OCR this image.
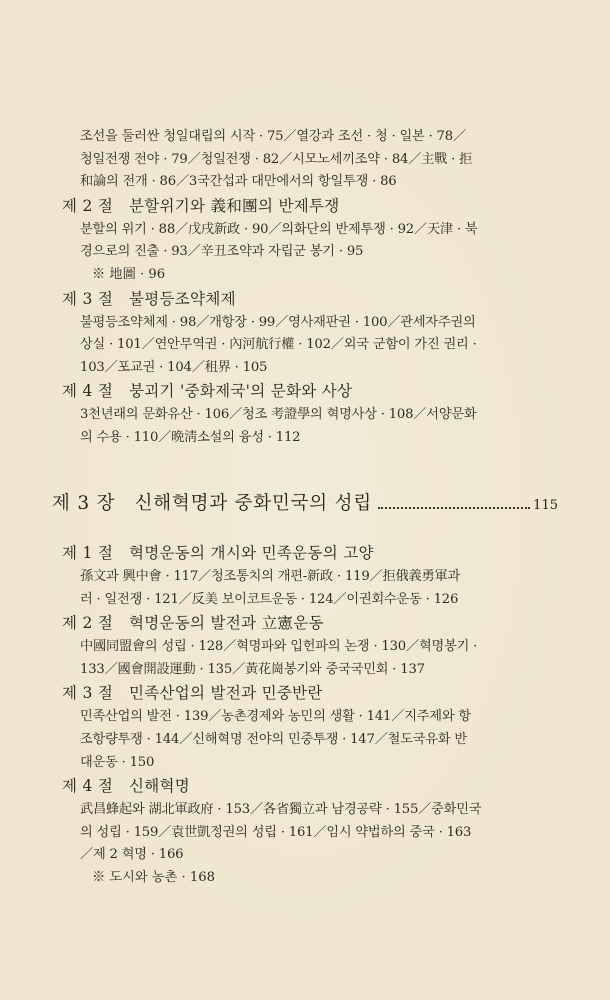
조선을 둘러싼 청일대립의 시작 · 75／열강과 조선 · 청 · 일본 · 78／
청일전쟁 전야 · 79／청일전쟁 · 82／시모노세끼조약 · 84／主戰 · 拒
和論의 전개 · 86／3국간섭과 대만에서의 항일투쟁 · 86
제 2 절　분할위기와 義和團의 반제투쟁
분할의 위기 · 88／戊戌新政 · 90／의화단의 반제투쟁 · 92／天津 · 북
경으로의 진출 · 93／辛丑조약과 자립군 봉기 · 95
※ 地圖 · 96
제 3 절　불평등조약체제
불평등조약체제 · 98／개항장 · 99／영사재판권 · 100／관세자주권의
상실 · 101／연안무역권 · 內河航行權 · 102／외국 군함이 가진 권리 ·
103／포교권 · 104／租界 · 105
제 4 절　붕괴기 '중화제국'의 문화와 사상
3천년래의 문화유산 · 106／청조 考證學의 혁명사상 · 108／서양문화
의 수용 · 110／晩淸소설의 융성 · 112
제 3 장　신해혁명과 중화민국의 성립	115
제 1 절　혁명운동의 개시와 민족운동의 고양
孫文과 興中會 · 117／청조통치의 개편-新政 · 119／拒俄義勇軍과
러 · 일전쟁 · 121／反美 보이코트운동 · 124／이권회수운동 · 126
제 2 절　혁명운동의 발전과 立憲운동
中國同盟會의 성립 · 128／혁명파와 입헌파의 논쟁 · 130／혁명봉기 ·
133／國會開設運動 · 135／黃花崗봉기와 중국국민회 · 137
제 3 절　민족산업의 발전과 민중반란
민족산업의 발전 · 139／농촌경제와 농민의 생활 · 141／지주제와 항
조항량투쟁 · 144／신해혁명 전야의 민중투쟁 · 147／철도국유화 반
대운동 · 150
제 4 절　신해혁명
武昌蜂起와 湖北軍政府 · 153／各省獨立과 남경공략 · 155／중화민국
의 성립 · 159／袁世凱정권의 성립 · 161／임시 약법하의 중국 · 163
／제 2 혁명 · 166
※ 도시와 농촌 · 168
